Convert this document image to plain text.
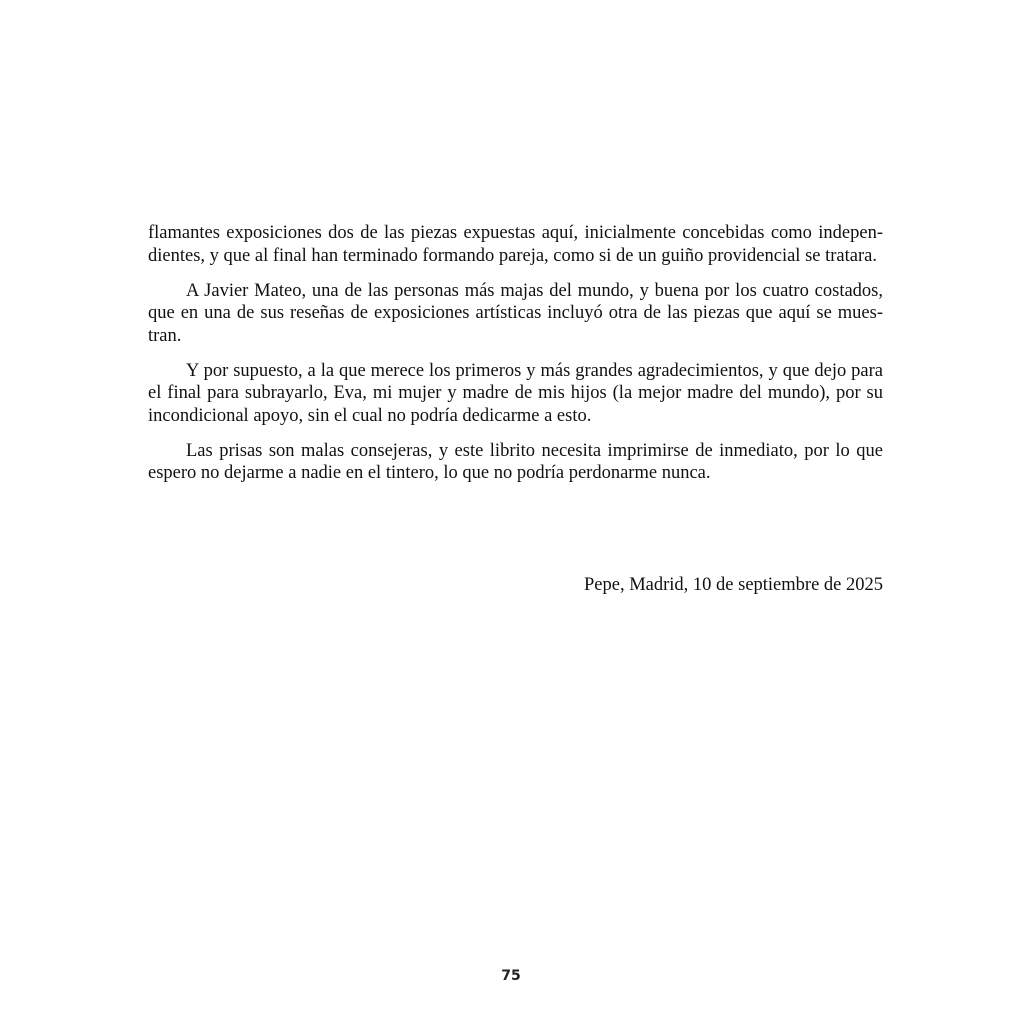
flamantes exposiciones dos de las piezas expuestas aquí, inicialmente concebidas como indepen- dientes, y que al final han terminado formando pareja, como si de un guiño providencial se tratara.

A Javier Mateo, una de las personas más majas del mundo, y buena por los cuatro costados, que en una de sus reseñas de exposiciones artísticas incluyó otra de las piezas que aquí se mues- tran.

Y por supuesto, a la que merece los primeros y más grandes agradecimientos, y que dejo para el final para subrayarlo, Eva, mi mujer y madre de mis hijos (la mejor madre del mundo), por su incondicional apoyo, sin el cual no podría dedicarme a esto.

Las prisas son malas consejeras, y este librito necesita imprimirse de inmediato, por lo que espero no dejarme a nadie en el tintero, lo que no podría perdonarme nunca.

Pepe, Madrid, 10 de septiembre de 2025
75
